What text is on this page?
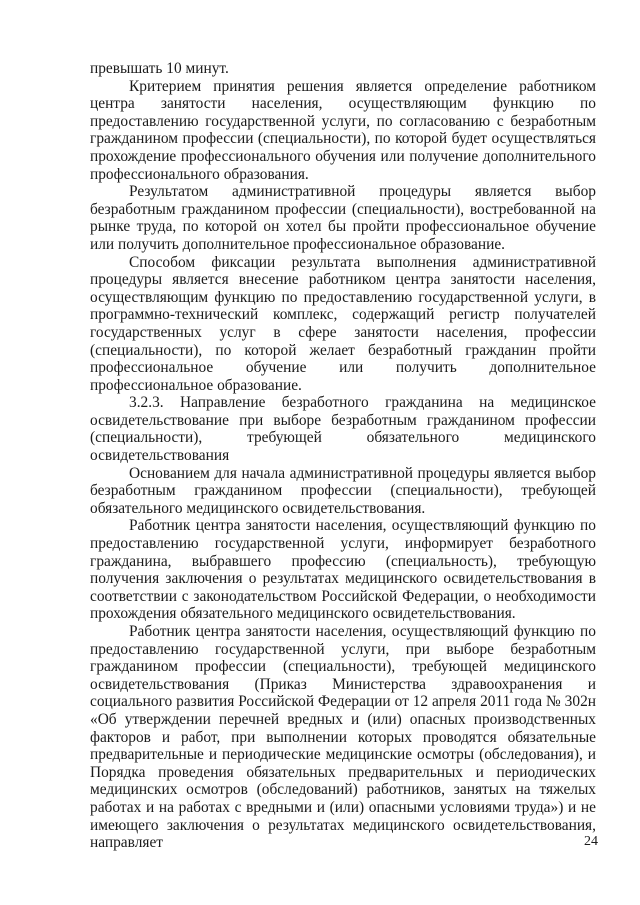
превышать 10 минут.

Критерием принятия решения является определение работником центра занятости населения, осуществляющим функцию по предоставлению государственной услуги, по согласованию с безработным гражданином профессии (специальности), по которой будет осуществляться прохождение профессионального обучения или получение дополнительного профессионального образования.

Результатом административной процедуры является выбор безработным гражданином профессии (специальности), востребованной на рынке труда, по которой он хотел бы пройти профессиональное обучение или получить дополнительное профессиональное образование.

Способом фиксации результата выполнения административной процедуры является внесение работником центра занятости населения, осуществляющим функцию по предоставлению государственной услуги, в программно-технический комплекс, содержащий регистр получателей государственных услуг в сфере занятости населения, профессии (специальности), по которой желает безработный гражданин пройти профессиональное обучение или получить дополнительное профессиональное образование.

3.2.3. Направление безработного гражданина на медицинское освидетельствование при выборе безработным гражданином профессии (специальности), требующей обязательного медицинского освидетельствования

Основанием для начала административной процедуры является выбор безработным гражданином профессии (специальности), требующей обязательного медицинского освидетельствования.

Работник центра занятости населения, осуществляющий функцию по предоставлению государственной услуги, информирует безработного гражданина, выбравшего профессию (специальность), требующую получения заключения о результатах медицинского освидетельствования в соответствии с законодательством Российской Федерации, о необходимости прохождения обязательного медицинского освидетельствования.

Работник центра занятости населения, осуществляющий функцию по предоставлению государственной услуги, при выборе безработным гражданином профессии (специальности), требующей медицинского освидетельствования (Приказ Министерства здравоохранения и социального развития Российской Федерации от 12 апреля 2011 года № 302н «Об утверждении перечней вредных и (или) опасных производственных факторов и работ, при выполнении которых проводятся обязательные предварительные и периодические медицинские осмотры (обследования), и Порядка проведения обязательных предварительных и периодических медицинских осмотров (обследований) работников, занятых на тяжелых работах и на работах с вредными и (или) опасными условиями труда») и не имеющего заключения о результатах медицинского освидетельствования, направляет	24
